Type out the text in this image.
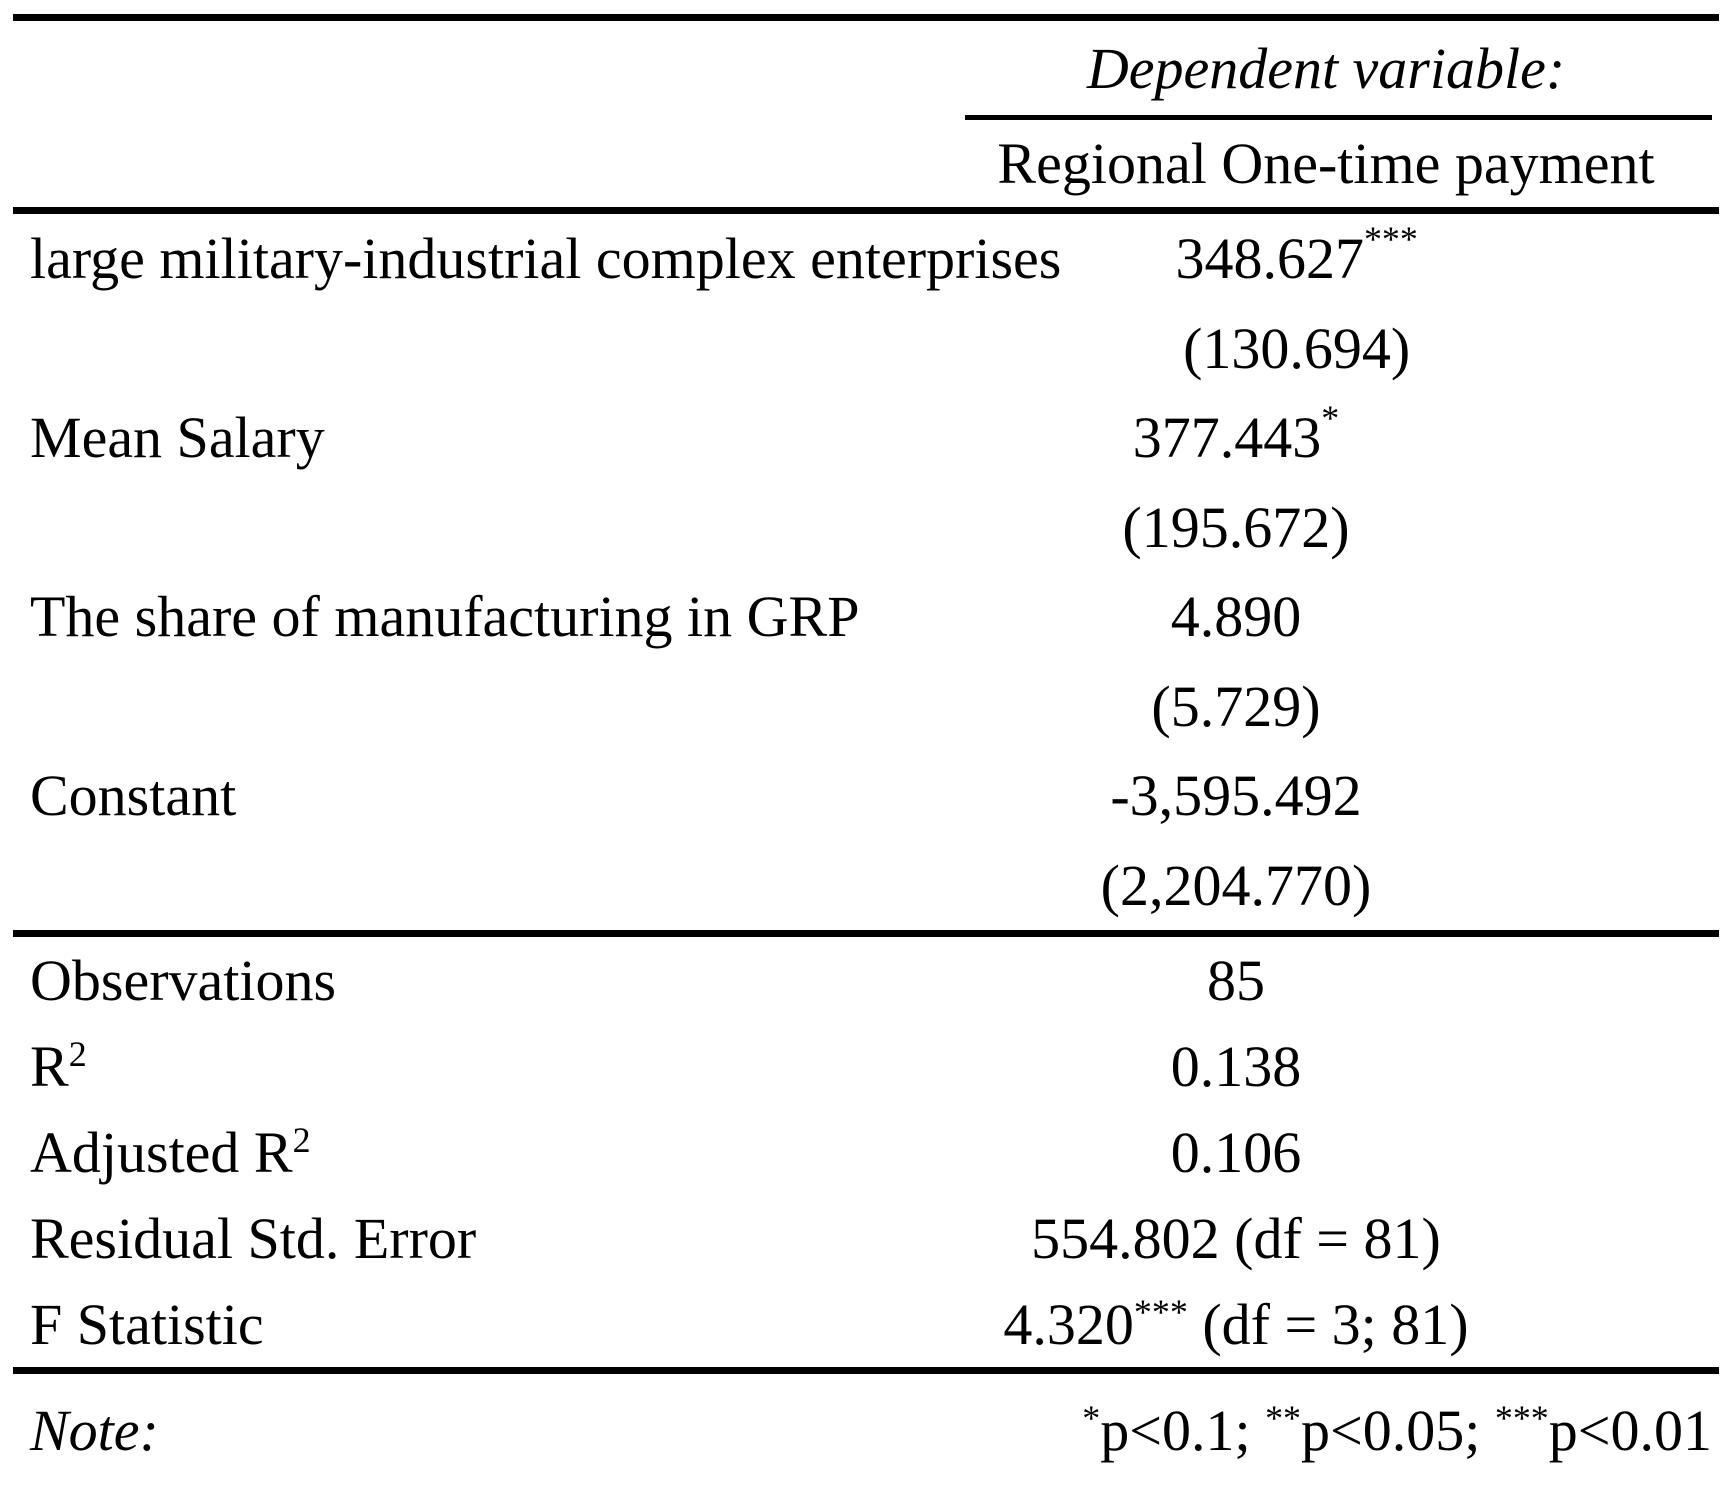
Dependent variable:
Regional One-time payment
large military-industrial complex enterprises 348.627***
(130.694)
Mean Salary	377.443*
(195.672)
The share of manufacturing in GRP	4.890
(5.729)
Constant	-3,595.492
(2,204.770)
Observations	85
$R^2$	0.138
Adjusted $R^2$	0.106
Residual Std. Error	554.802 (df = 81)
F Statistic	4.320*** (df = 3; 81)
Note:	*p<0.1; **p<0.05; ***p<0.01
